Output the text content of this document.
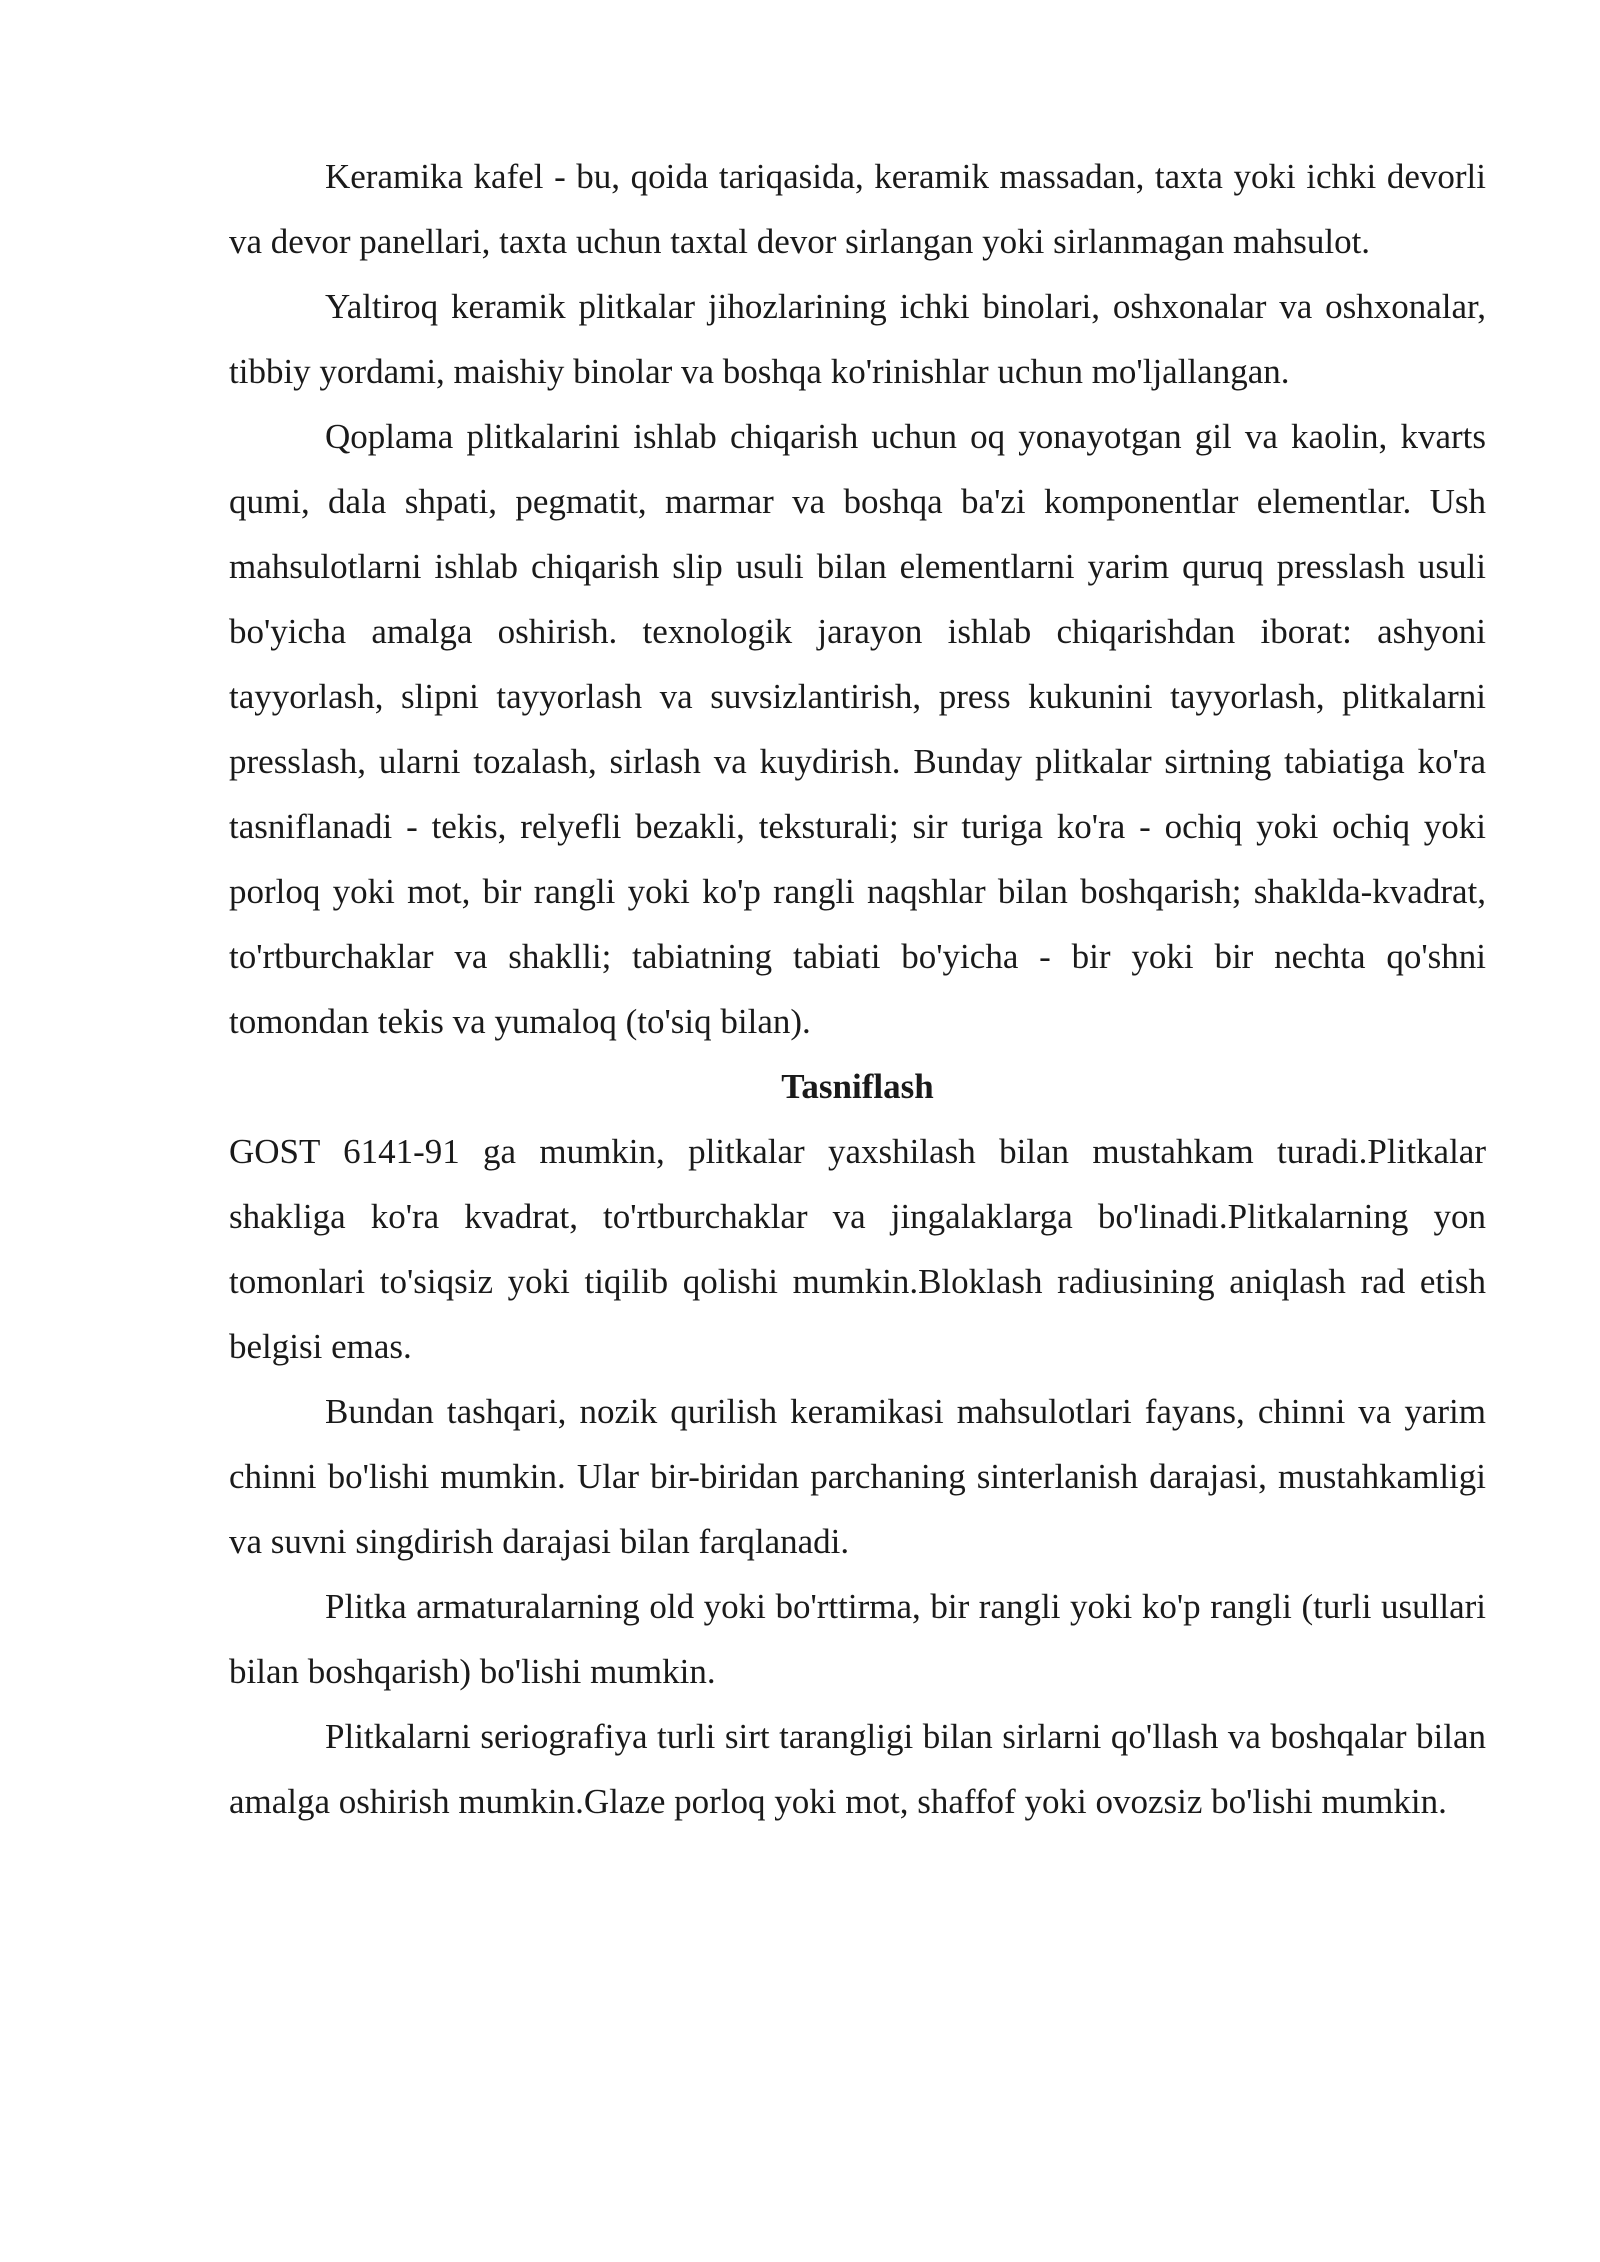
Keramika kafel - bu, qoida tariqasida, keramik massadan, taxta yoki ichki devorli va devor panellari, taxta uchun taxtal devor sirlangan yoki sirlanmagan mahsulot.

Yaltiroq keramik plitkalar jihozlarining ichki binolari, oshxonalar va oshxonalar, tibbiy yordami, maishiy binolar va boshqa ko'rinishlar uchun mo'ljallangan.

Qoplama plitkalarini ishlab chiqarish uchun oq yonayotgan gil va kaolin, kvarts qumi, dala shpati, pegmatit, marmar va boshqa ba'zi komponentlar elementlar. Ush mahsulotlarni ishlab chiqarish slip usuli bilan elementlarni yarim quruq presslash usuli bo'yicha amalga oshirish. texnologik jarayon ishlab chiqarishdan iborat: ashyoni tayyorlash, slipni tayyorlash va suvsizlantirish, press kukunini tayyorlash, plitkalarni presslash, ularni tozalash, sirlash va kuydirish. Bunday plitkalar sirtning tabiatiga ko'ra tasniflanadi - tekis, relyefli bezakli, teksturali; sir turiga ko'ra - ochiq yoki ochiq yoki porloq yoki mot, bir rangli yoki ko'p rangli naqshlar bilan boshqarish; shaklda-kvadrat, to'rtburchaklar va shaklli; tabiatning tabiati bo'yicha - bir yoki bir nechta qo'shni tomondan tekis va yumaloq (to'siq bilan).

Tasniflash

GOST 6141-91 ga mumkin, plitkalar yaxshilash bilan mustahkam turadi.Plitkalar shakliga ko'ra kvadrat, to'rtburchaklar va jingalaklarga bo'linadi.Plitkalarning yon tomonlari to'siqsiz yoki tiqilib qolishi mumkin.Bloklash radiusining aniqlash rad etish belgisi emas.

Bundan tashqari, nozik qurilish keramikasi mahsulotlari fayans, chinni va yarim chinni bo'lishi mumkin. Ular bir-biridan parchaning sinterlanish darajasi, mustahkamligi va suvni singdirish darajasi bilan farqlanadi.

Plitka armaturalarning old yoki bo'rttirma, bir rangli yoki ko'p rangli (turli usullari bilan boshqarish) bo'lishi mumkin.

Plitkalarni seriografiya turli sirt tarangligi bilan sirlarni qo'llash va boshqalar bilan amalga oshirish mumkin.Glaze porloq yoki mot, shaffof yoki ovozsiz bo'lishi mumkin.
